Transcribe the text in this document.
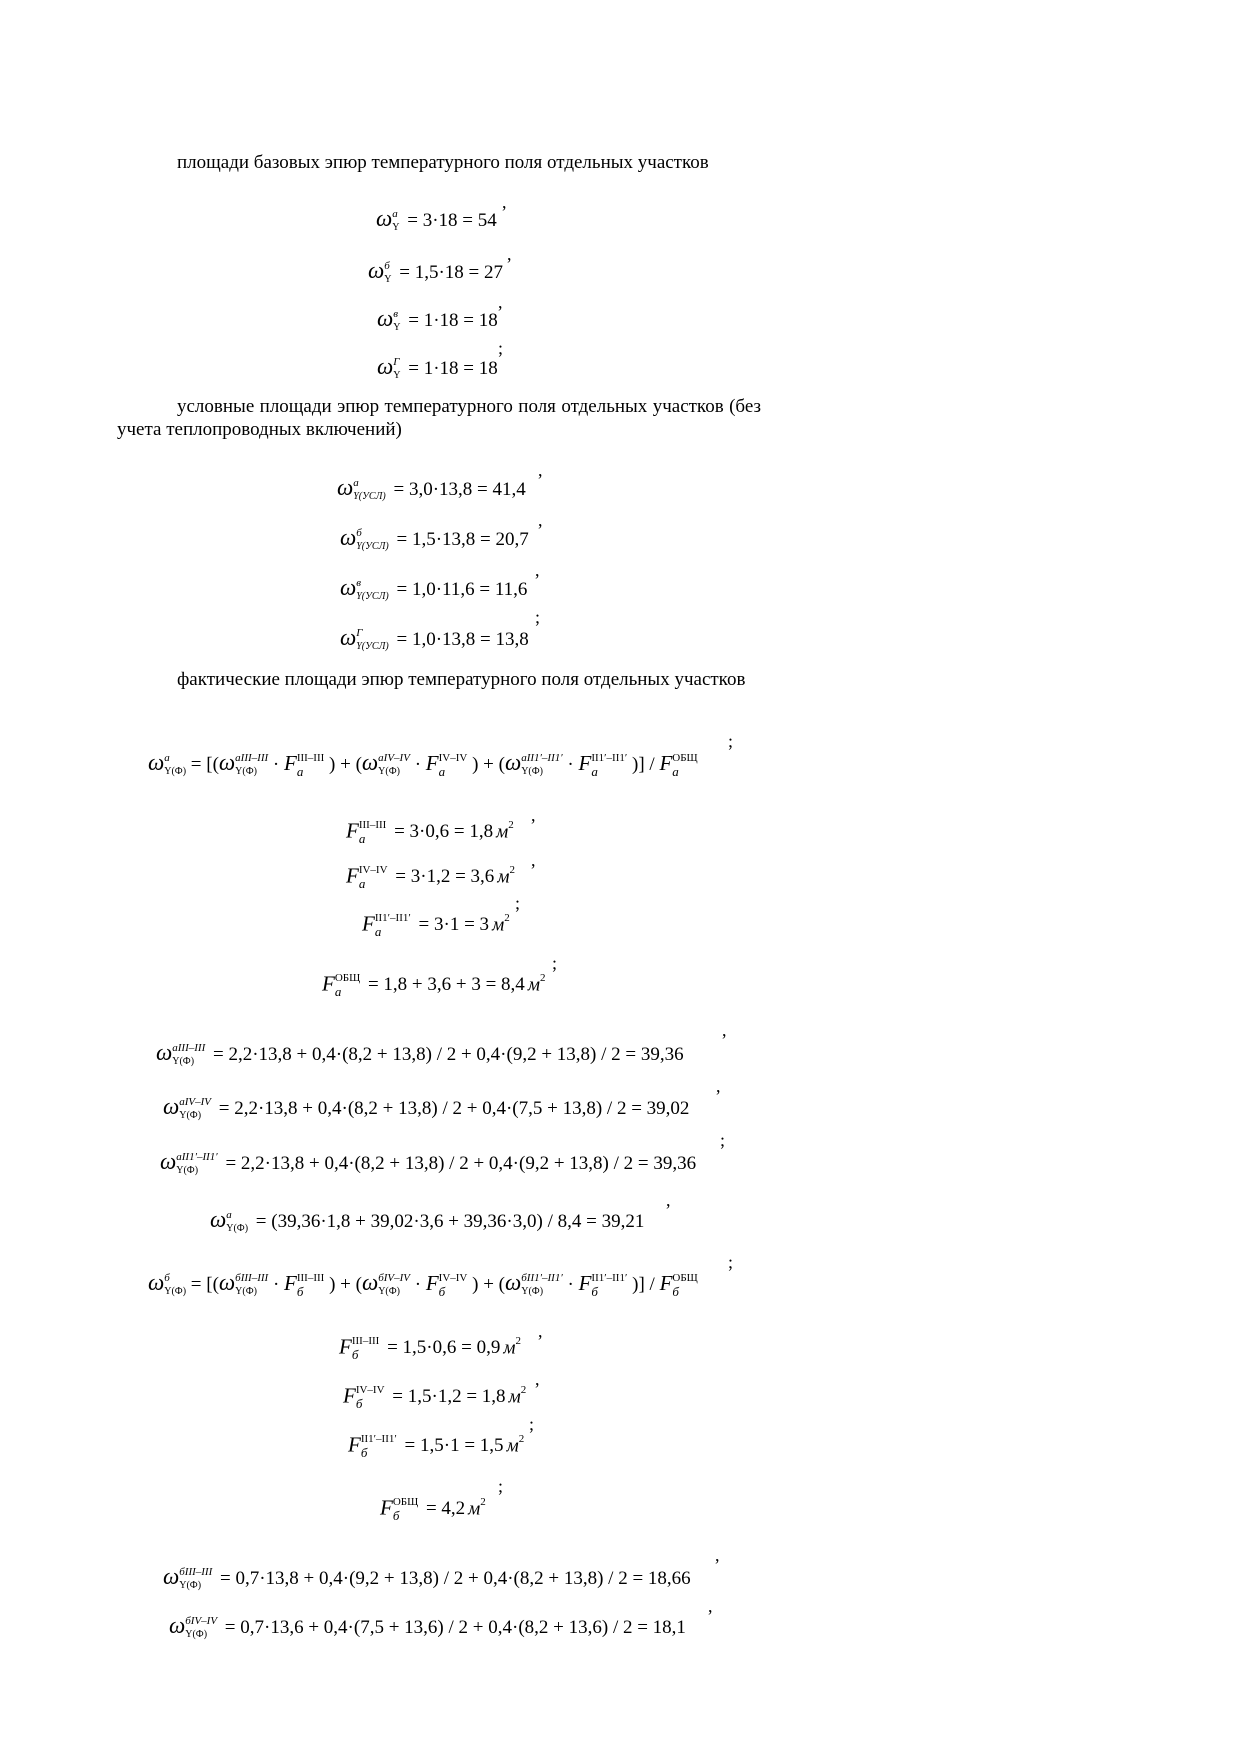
площади базовых эпюр температурного поля отдельных участков
ω а
Y = 3·18 = 54
,
ω б
Y = 1,5·18 = 27
,
ω в
Y = 1·18 = 18
,
ω Г
Y = 1·18 = 18
;
условные площади эпюр температурного поля отдельных участков (без учета теплопроводных включений)
ω а
Y(УСЛ) = 3,0·13,8 = 41,4
,
ω б
Y(УСЛ) = 1,5·13,8 = 20,7
,
ω в
Y(УСЛ) = 1,0·11,6 = 11,6
,
ω Г
Y(УСЛ) = 1,0·13,8 = 13,8
;
фактические площади эпюр температурного поля отдельных участков
ω a
Y(Ф) = [(ω aIII–III
Y(Ф) · F III–III
a	) + (ω aIV–IV
Y(Ф) · F IV–IV
a	) + (ω aII1′–II1′
Y(Ф)	· F II1′–II1′
a	)] / F ОБЩ
a
;
F III–III
a	= 3·0,6 = 1,8 м2
,
F IV–IV
a	= 3·1,2 = 3,6 м2
,
F II1′–II1′
a	= 3·1 = 3 м2
;
F ОБЩ
a	= 1,8 + 3,6 + 3 = 8,4 м2
;
ω aIII–III
Y(Ф) = 2,2·13,8 + 0,4·(8,2 + 13,8) / 2 + 0,4·(9,2 + 13,8) / 2 = 39,36
,
ω aIV–IV
Y(Ф) = 2,2·13,8 + 0,4·(8,2 + 13,8) / 2 + 0,4·(7,5 + 13,8) / 2 = 39,02
,
ω aII1′–II1′
Y(Ф)	= 2,2·13,8 + 0,4·(8,2 + 13,8) / 2 + 0,4·(9,2 + 13,8) / 2 = 39,36
;
ω a
Y(Ф) = (39,36·1,8 + 39,02·3,6 + 39,36·3,0) / 8,4 = 39,21
,
ω б
Y(Ф) = [(ω бIII–III
Y(Ф) · F III–III
б	) + (ω бIV–IV
Y(Ф) · F IV–IV
б	) + (ω бII1′–II1′
Y(Ф)	· F II1′–II1′
б	)] / F ОБЩ
б
;
F III–III
б	= 1,5·0,6 = 0,9 м2
,
F IV–IV
б	= 1,5·1,2 = 1,8 м2
,
F II1′–II1′
б	= 1,5·1 = 1,5 м2
;
F ОБЩ
б	= 4,2 м2
;
ω бIII–III
Y(Ф) = 0,7·13,8 + 0,4·(9,2 + 13,8) / 2 + 0,4·(8,2 + 13,8) / 2 = 18,66
,
ω бIV–IV
Y(Ф) = 0,7·13,6 + 0,4·(7,5 + 13,6) / 2 + 0,4·(8,2 + 13,6) / 2 = 18,1
,
